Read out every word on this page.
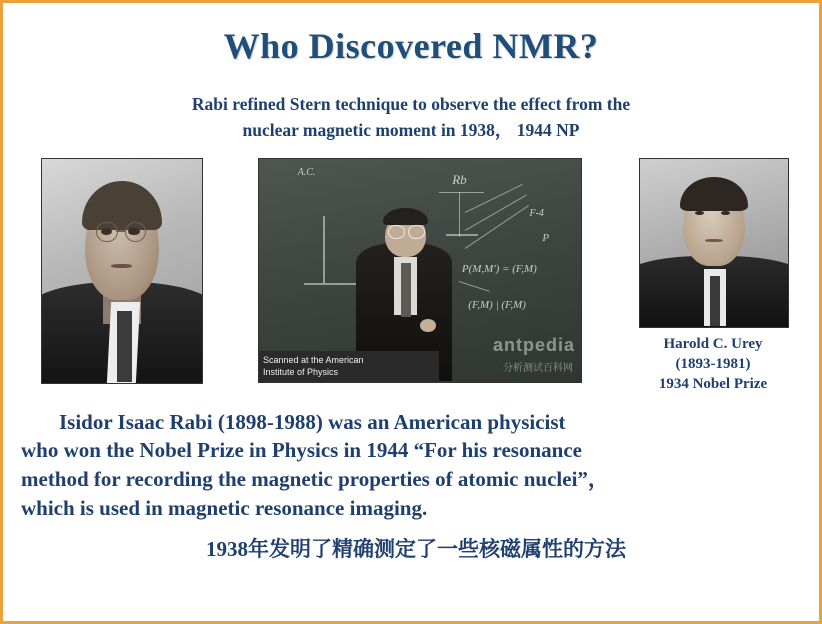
Who Discovered NMR?
Rabi refined Stern technique to observe the effect from the
nuclear magnetic moment in 1938， 1944 NP
Rb
A.C.
F-4
P
P(M,M') = (F,M)
(F,M) | (F,M)
antpedia
分析测试百科网
Scanned at the American
Institute of Physics
Harold C. Urey
(1893-1981)
1934 Nobel Prize
Isidor Isaac Rabi (1898-1988) was an American physicist
who won the Nobel Prize in Physics in 1944 “For his resonance
method for recording the magnetic properties of atomic nuclei”，
which is used in magnetic resonance imaging.
1938年发明了精确测定了一些核磁属性的方法
